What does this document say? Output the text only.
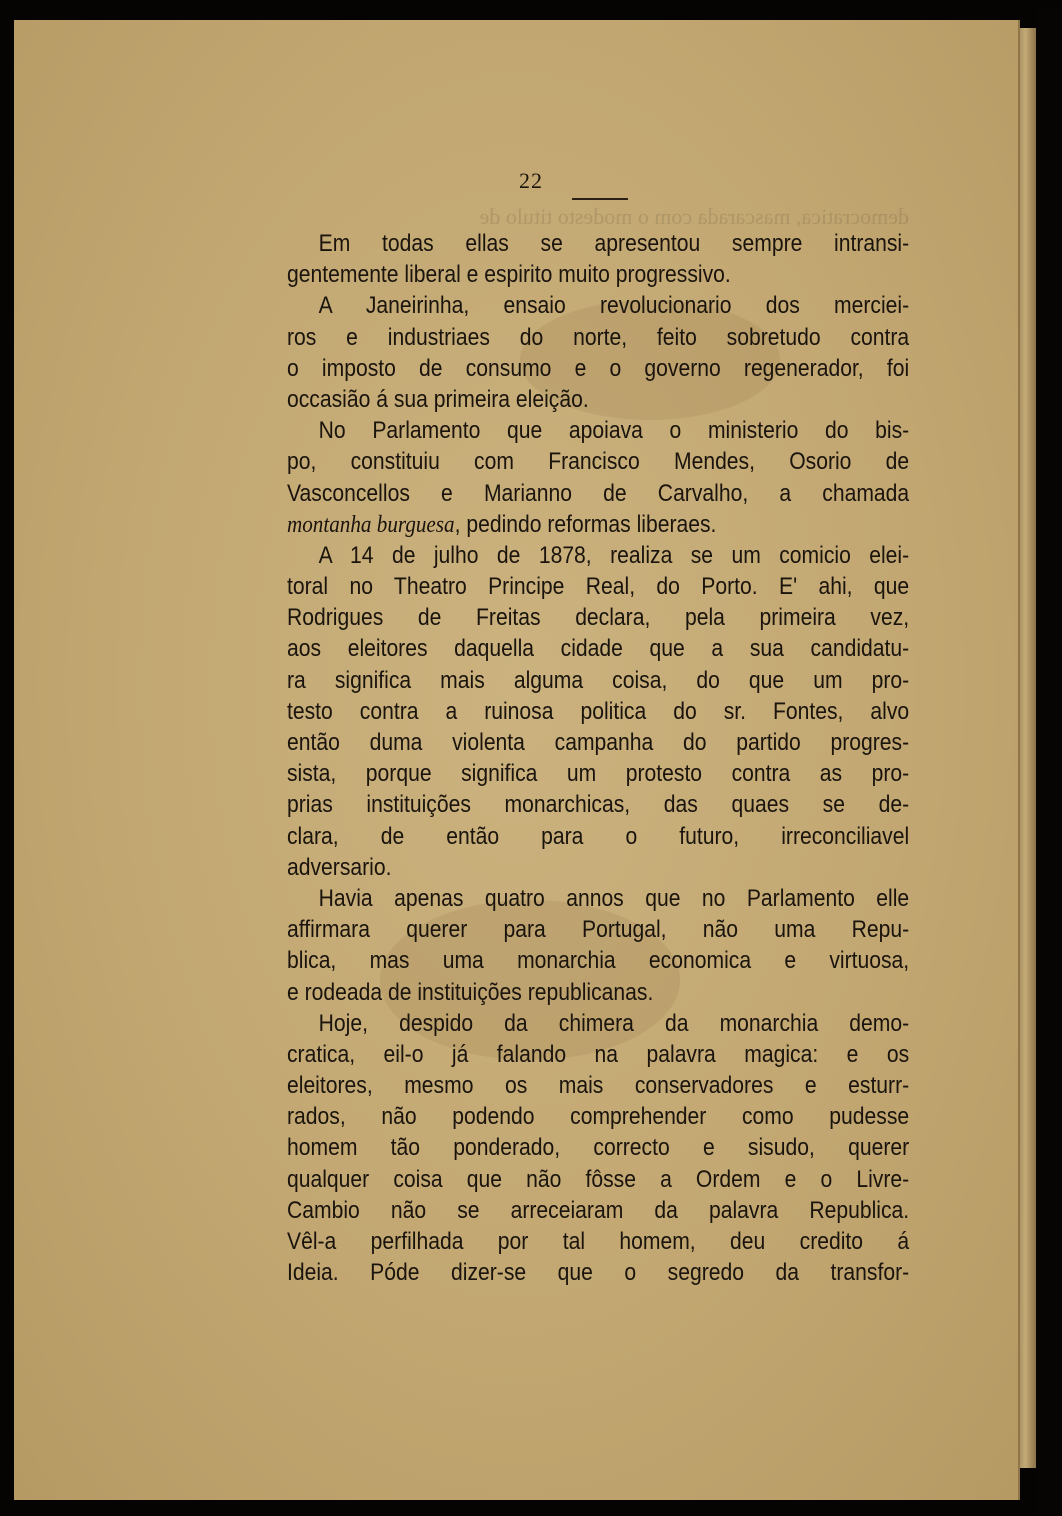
democratica, mascarada com o modesto titulo de
22
Em todas ellas se apresentou sempre intransi-
gentemente liberal e espirito muito progressivo.
A Janeirinha, ensaio revolucionario dos merciei-
ros e industriaes do norte, feito sobretudo contra
o imposto de consumo e o governo regenerador, foi
occasião á sua primeira eleição.
No Parlamento que apoiava o ministerio do bis-
po, constituiu com Francisco Mendes, Osorio de
Vasconcellos e Marianno de Carvalho, a chamada
montanha burguesa, pedindo reformas liberaes.
A 14 de julho de 1878, realiza se um comicio elei-
toral no Theatro Principe Real, do Porto. E' ahi, que
Rodrigues de Freitas declara, pela primeira vez,
aos eleitores daquella cidade que a sua candidatu-
ra significa mais alguma coisa, do que um pro-
testo contra a ruinosa politica do sr. Fontes, alvo
então duma violenta campanha do partido progres-
sista, porque significa um protesto contra as pro-
prias instituições monarchicas, das quaes se de-
clara, de então para o futuro, irreconciliavel
adversario.
Havia apenas quatro annos que no Parlamento elle
affirmara querer para Portugal, não uma Repu-
blica, mas uma monarchia economica e virtuosa,
e rodeada de instituições republicanas.
Hoje, despido da chimera da monarchia demo-
cratica, eil-o já falando na palavra magica: e os
eleitores, mesmo os mais conservadores e esturr-
rados, não podendo comprehender como pudesse
homem tão ponderado, correcto e sisudo, querer
qualquer coisa que não fôsse a Ordem e o Livre-
Cambio não se arreceiaram da palavra Republica.
Vêl-a perfilhada por tal homem, deu credito á
Ideia. Póde dizer-se que o segredo da transfor-
